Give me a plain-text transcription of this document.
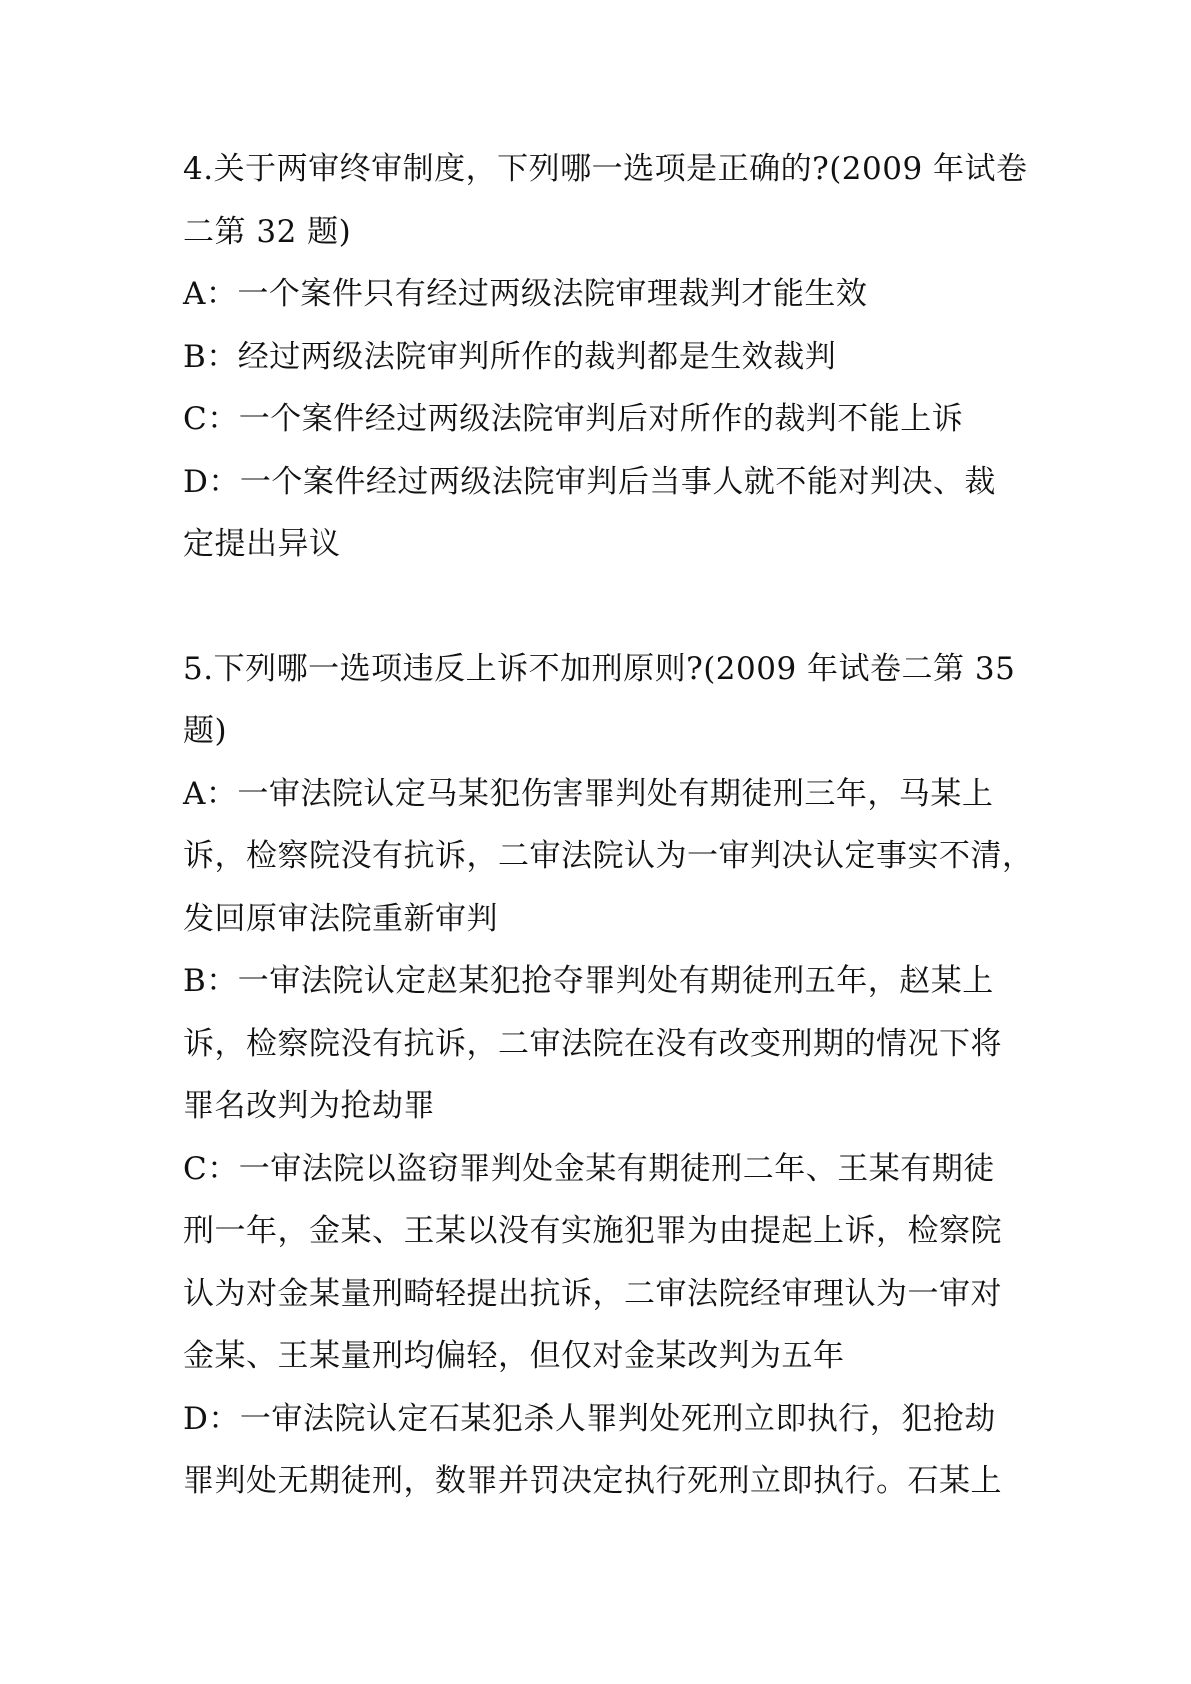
4.关于两审终审制度，下列哪一选项是正确的?(2009 年试卷
二第 32 题)
A：一个案件只有经过两级法院审理裁判才能生效
B：经过两级法院审判所作的裁判都是生效裁判
C：一个案件经过两级法院审判后对所作的裁判不能上诉
D：一个案件经过两级法院审判后当事人就不能对判决、裁
定提出异议
5.下列哪一选项违反上诉不加刑原则?(2009 年试卷二第 35
题)
A：一审法院认定马某犯伤害罪判处有期徒刑三年，马某上
诉，检察院没有抗诉，二审法院认为一审判决认定事实不清，
发回原审法院重新审判
B：一审法院认定赵某犯抢夺罪判处有期徒刑五年，赵某上
诉，检察院没有抗诉，二审法院在没有改变刑期的情况下将
罪名改判为抢劫罪
C：一审法院以盗窃罪判处金某有期徒刑二年、王某有期徒
刑一年，金某、王某以没有实施犯罪为由提起上诉，检察院
认为对金某量刑畸轻提出抗诉，二审法院经审理认为一审对
金某、王某量刑均偏轻，但仅对金某改判为五年
D：一审法院认定石某犯杀人罪判处死刑立即执行，犯抢劫
罪判处无期徒刑，数罪并罚决定执行死刑立即执行。石某上
